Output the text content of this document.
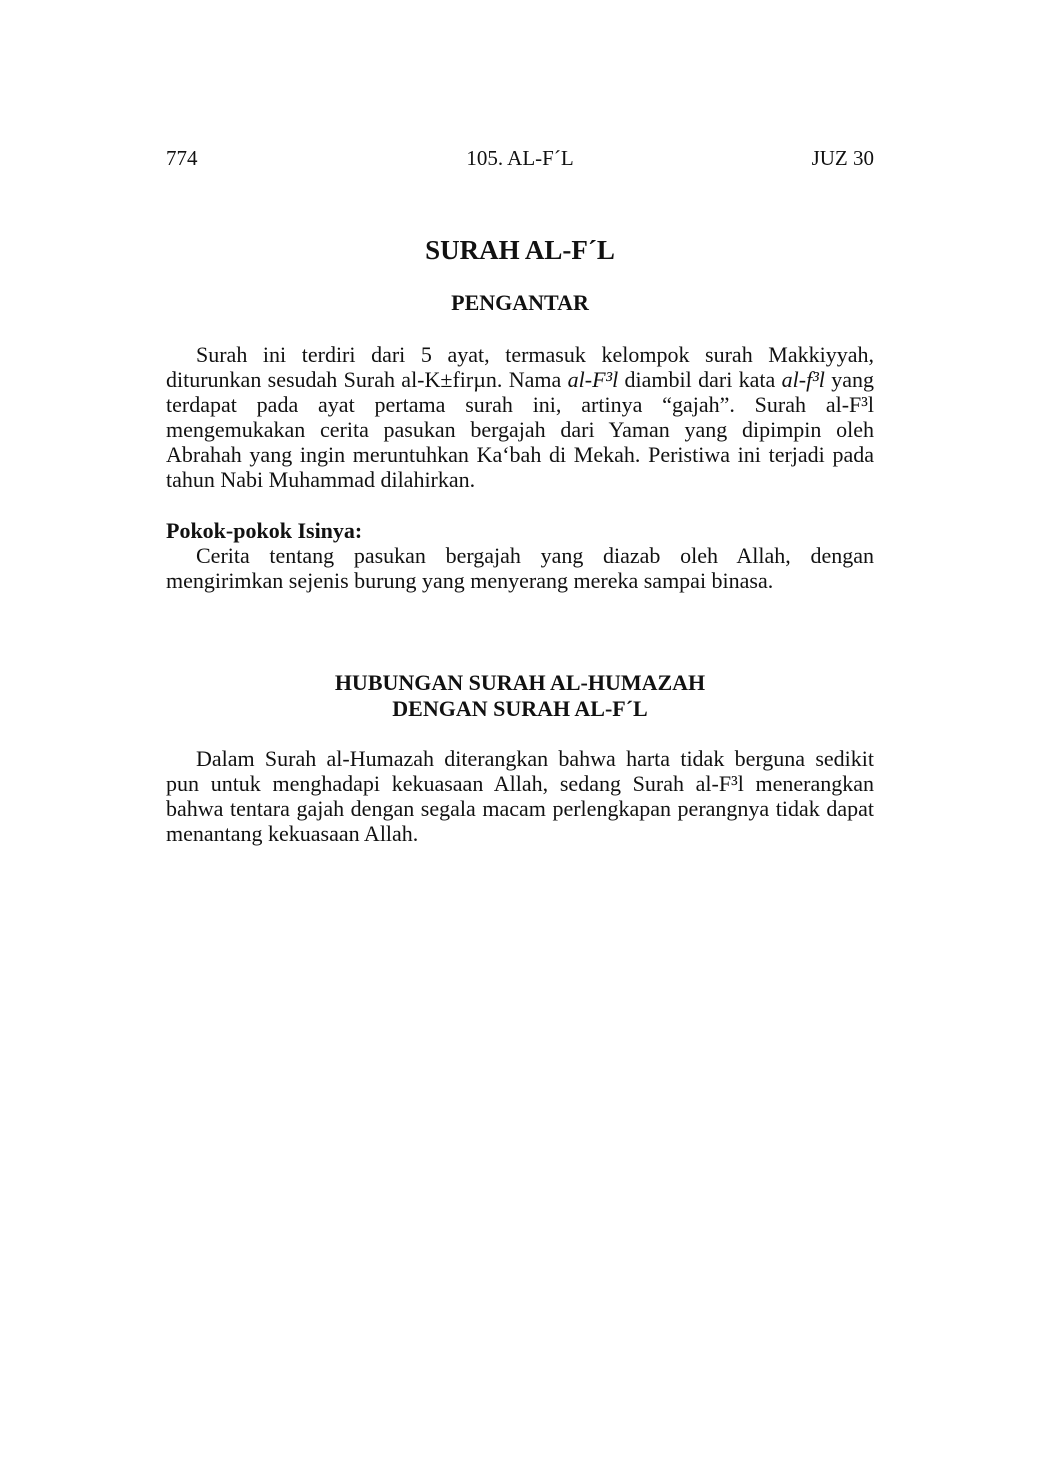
105. AL-F´L
774	JUZ 30
SURAH AL-F´L
PENGANTAR

Surah ini terdiri dari 5 ayat, termasuk kelompok surah Makkiyyah, diturunkan sesudah Surah al-K±firµn. Nama al-F³l diambil dari kata al-f³l yang terdapat pada ayat pertama surah ini, artinya “gajah”. Surah al-F³l mengemukakan cerita pasukan bergajah dari Yaman yang dipimpin oleh Abrahah yang ingin meruntuhkan Ka‘bah di Mekah. Peristiwa ini terjadi pada tahun Nabi Muhammad dilahirkan.

Pokok-pokok Isinya:

Cerita tentang pasukan bergajah yang diazab oleh Allah, dengan mengirimkan sejenis burung yang menyerang mereka sampai binasa.

HUBUNGAN SURAH AL-HUMAZAH
DENGAN SURAH AL-F´L

Dalam Surah al-Humazah diterangkan bahwa harta tidak berguna sedikit pun untuk menghadapi kekuasaan Allah, sedang Surah al-F³l menerangkan bahwa tentara gajah dengan segala macam perlengkapan perangnya tidak dapat menantang kekuasaan Allah.
